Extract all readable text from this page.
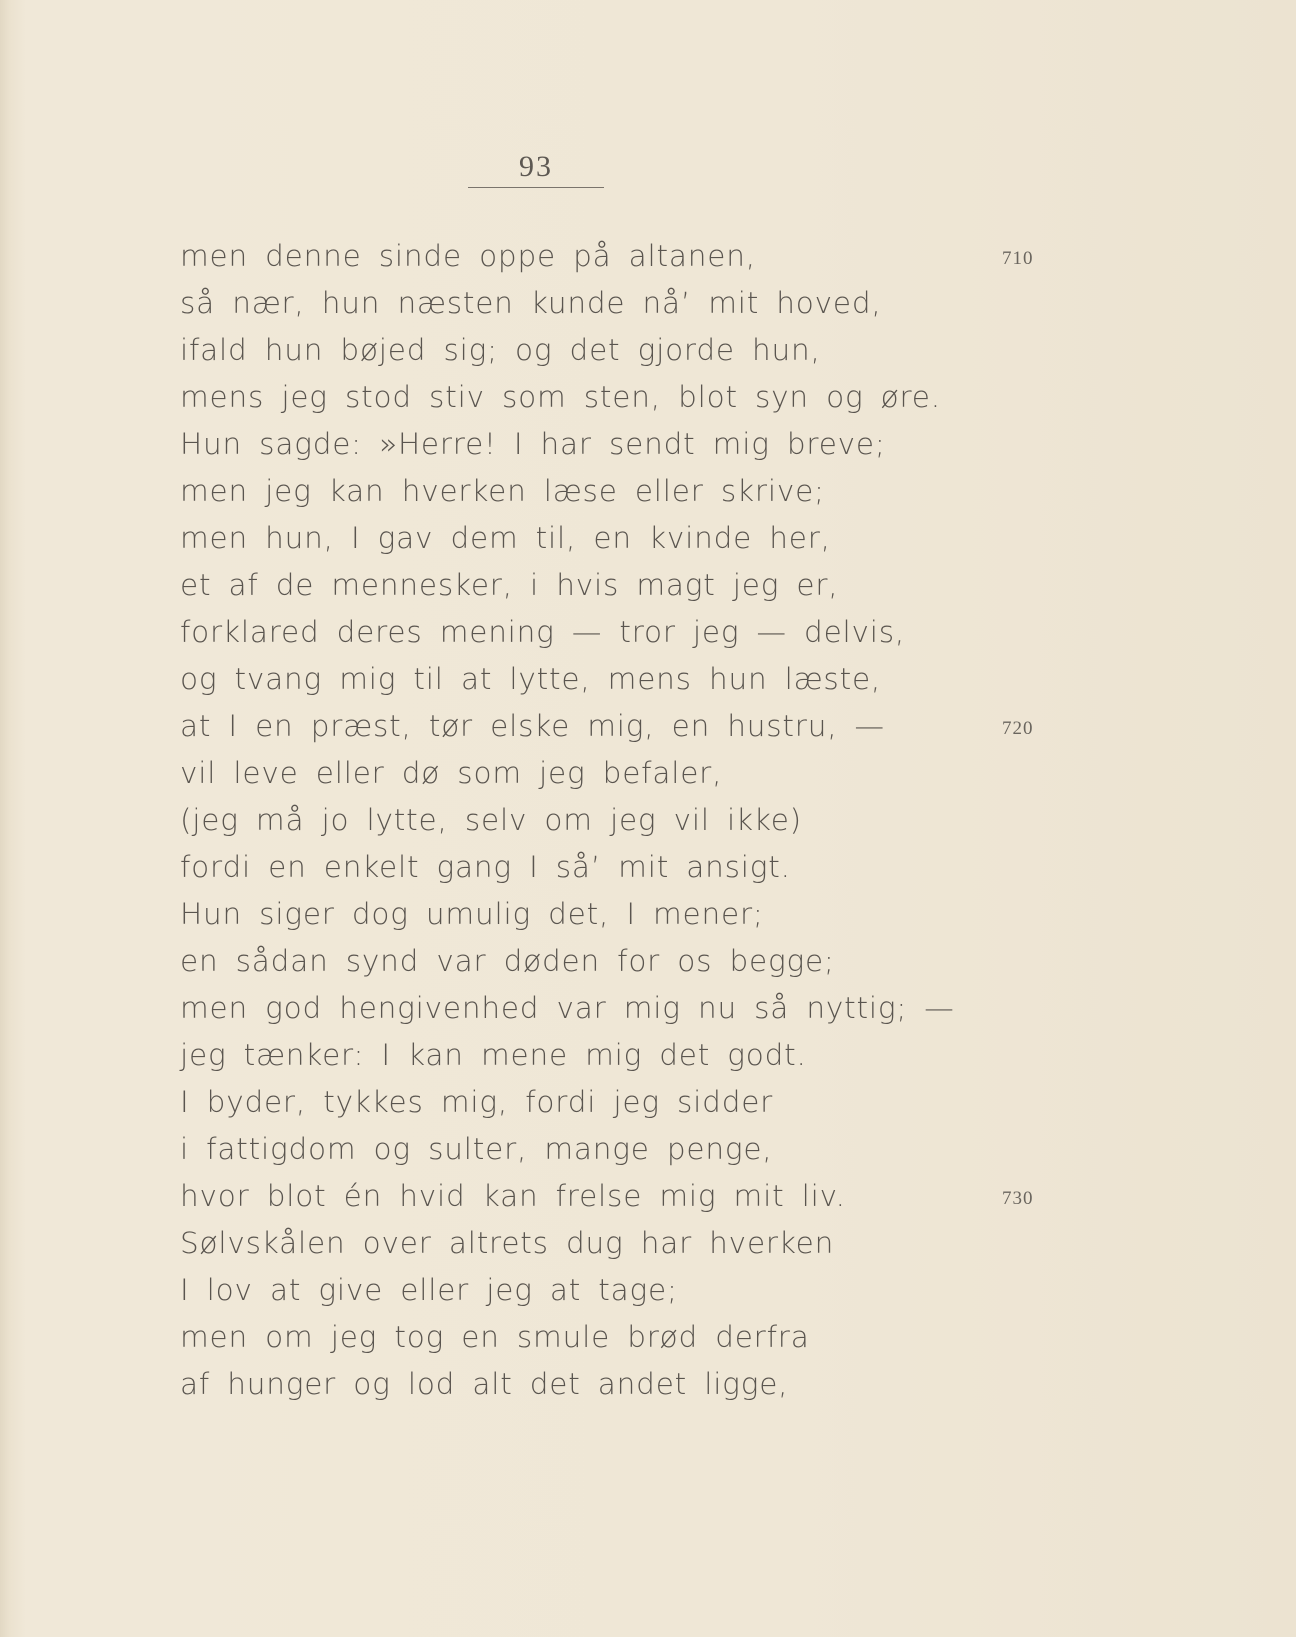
93
men denne sinde oppe på altanen,
så nær, hun næsten kunde nå’ mit hoved,
ifald hun bøjed sig; og det gjorde hun,
mens jeg stod stiv som sten, blot syn og øre.
Hun sagde: »Herre! I har sendt mig breve;
men jeg kan hverken læse eller skrive;
men hun, I gav dem til, en kvinde her,
et af de mennesker, i hvis magt jeg er,
forklared deres mening — tror jeg — delvis,
og tvang mig til at lytte, mens hun læste,
at I en præst, tør elske mig, en hustru, —
vil leve eller dø som jeg befaler,
(jeg må jo lytte, selv om jeg vil ikke)
fordi en enkelt gang I så’ mit ansigt.
Hun siger dog umulig det, I mener;
en sådan synd var døden for os begge;
men god hengivenhed var mig nu så nyttig; —
jeg tænker: I kan mene mig det godt.
I byder, tykkes mig, fordi jeg sidder
i fattigdom og sulter, mange penge,
hvor blot én hvid kan frelse mig mit liv.
Sølvskålen over altrets dug har hverken
I lov at give eller jeg at tage;
men om jeg tog en smule brød derfra
af hunger og lod alt det andet ligge,
710
720
730
